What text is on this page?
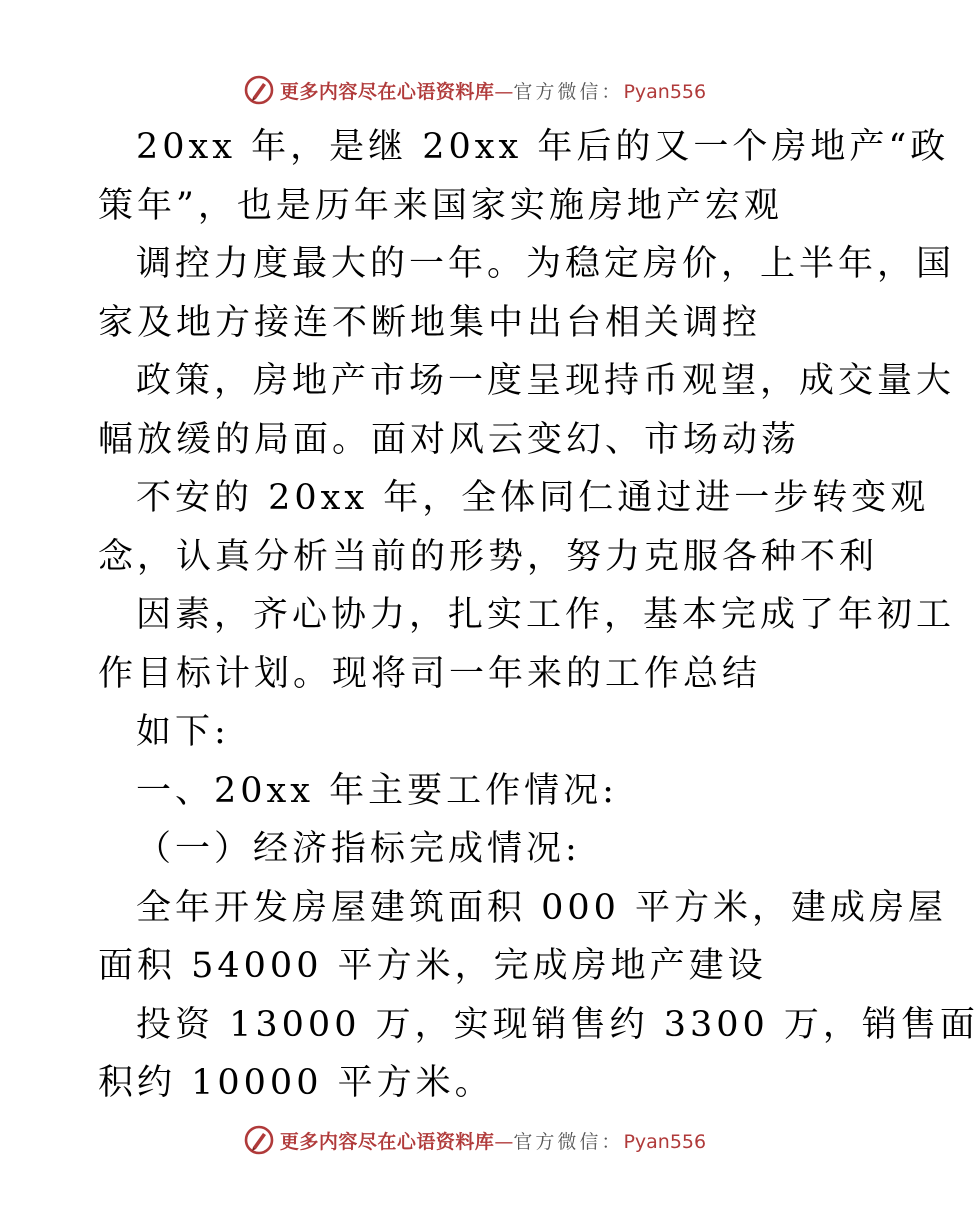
更多内容尽在心语资料库 — 官方微信： Pyan556
20xx 年，是继 20xx 年后的又一个房地产“政
策年”，也是历年来国家实施房地产宏观
调控力度最大的一年。为稳定房价，上半年，国
家及地方接连不断地集中出台相关调控
政策，房地产市场一度呈现持币观望，成交量大
幅放缓的局面。面对风云变幻、市场动荡
不安的 20xx 年，全体同仁通过进一步转变观
念，认真分析当前的形势，努力克服各种不利
因素，齐心协力，扎实工作，基本完成了年初工
作目标计划。现将司一年来的工作总结
如下:
一、20xx 年主要工作情况:
（一）经济指标完成情况:
全年开发房屋建筑面积 000 平方米，建成房屋
面积 54000 平方米，完成房地产建设
投资 13000 万，实现销售约 3300 万，销售面
积约 10000 平方米。
更多内容尽在心语资料库 — 官方微信： Pyan556
